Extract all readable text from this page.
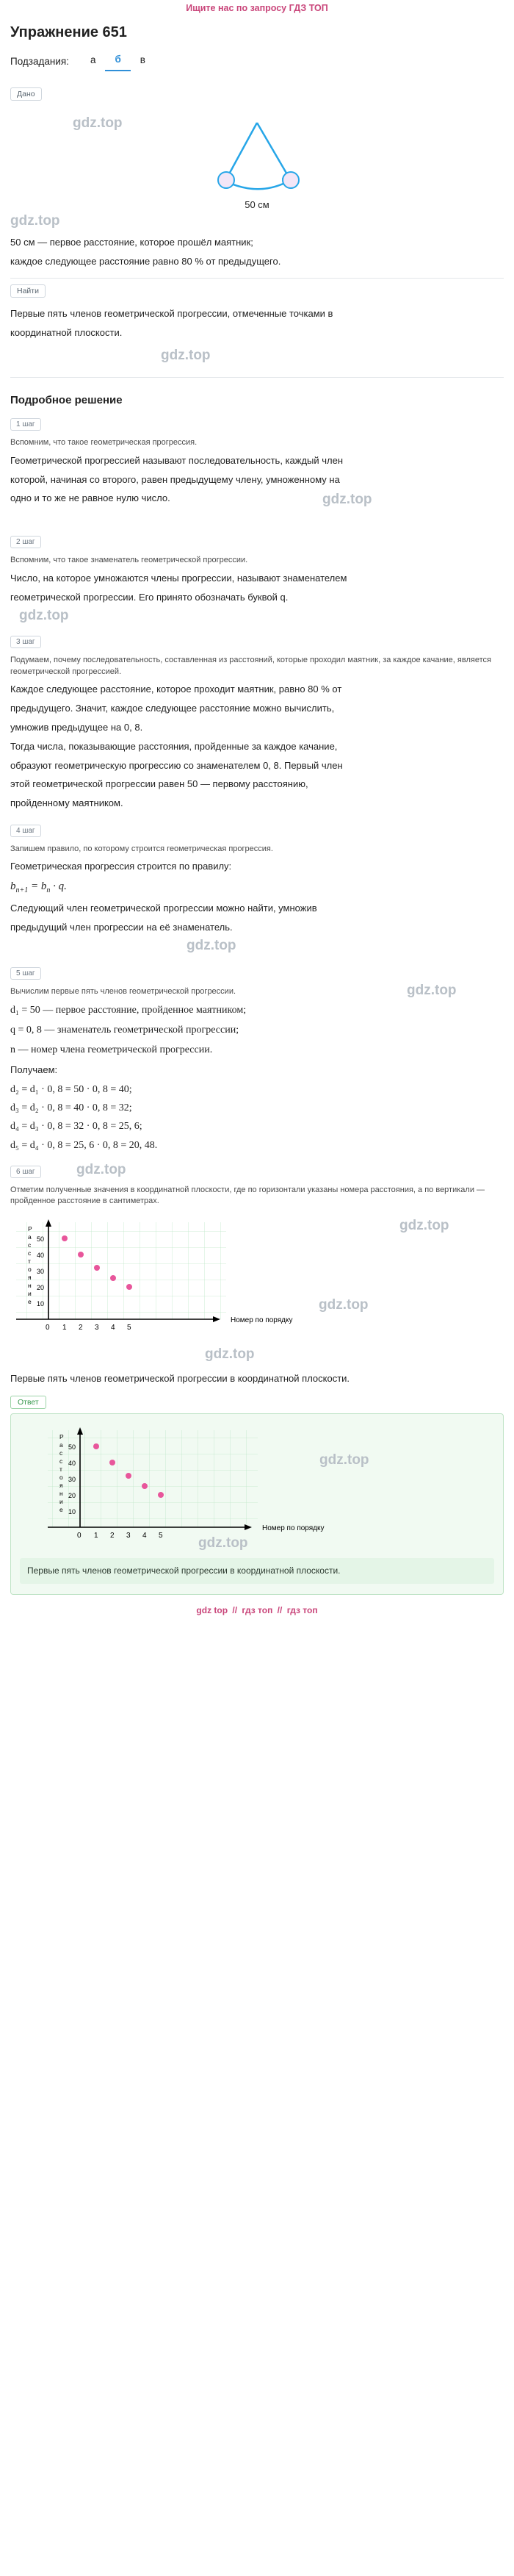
Ищите нас по запросу ГДЗ ТОП
Упражнение 651
Подзадания:	а	б	в
Дано
gdz.top
50 см
gdz.top

50 см — первое расстояние, которое прошёл маятник;

каждое следующее расстояние равно 80 % от предыдущего.

Найти

Первые пять членов геометрической прогрессии, отмеченные точками в

координатной плоскости.

gdz.top
Подробное решение
1 шаг

Вспомним, что такое геометрическая прогрессия.

Геометрической прогрессией называют последовательность, каждый член

которой, начиная со второго, равен предыдущему члену, умноженному на

одно и то же не равное нулю число.	gdz.top
2 шаг

Вспомним, что такое знаменатель геометрической прогрессии.

Число, на которое умножаются члены прогрессии, называют знаменателем

геометрической прогрессии. Его принято обозначать буквой q.

gdz.top
3 шаг

Подумаем, почему последовательность, составленная из расстояний, которые проходил маятник, за каждое качание, является геометрической прогрессией.

Каждое следующее расстояние, которое проходит маятник, равно 80 % от

предыдущего. Значит, каждое следующее расстояние можно вычислить,

умножив предыдущее на 0, 8.

Тогда числа, показывающие расстояния, пройденные за каждое качание,

образуют геометрическую прогрессию со знаменателем 0, 8. Первый член

этой геометрической прогрессии равен 50 — первому расстоянию,

пройденному маятником.

4 шаг

Запишем правило, по которому строится геометрическая прогрессия.

Геометрическая прогрессия строится по правилу:

$b_{n+1} = b_n \cdot q$.

Следующий член геометрической прогрессии можно найти, умножив

предыдущий член прогрессии на её знаменатель.

gdz.top
5 шаг

Вычислим первые пять членов геометрической прогрессии.	gdz.top

d₁ = 50 — первое расстояние, пройденное маятником;

q = 0, 8 — знаменатель геометрической прогрессии;

n — номер члена геометрической прогрессии.

Получаем:

d₂ = d₁ · 0, 8 = 50 · 0, 8 = 40;

d₃ = d₂ · 0, 8 = 40 · 0, 8 = 32;

d₄ = d₃ · 0, 8 = 32 · 0, 8 = 25, 6;

d₅ = d₄ · 0, 8 = 25, 6 · 0, 8 = 20, 48.

6 шаг	gdz.top

Отметим полученные значения в координатной плоскости, где по горизонтали указаны номера расстояния, а по вертикали — пройденное расстояние в сантиметрах.

gdz.top
gdz.top
50
40
30
20
10
0 1 2 3 4 5
Р
а
с
с
т
о
я
н
и
е
Номер по порядку
gdz.top

Первые пять членов геометрической прогрессии в координатной плоскости.

Ответ
gdz.top
gdz.top
50
40
30
20
10
0 1 2 3 4 5
Р
а
с
с
т
о
я
н
и
е
Номер по порядку
Первые пять членов геометрической прогрессии в координатной плоскости.
gdz top // гдз топ // гдз топ
